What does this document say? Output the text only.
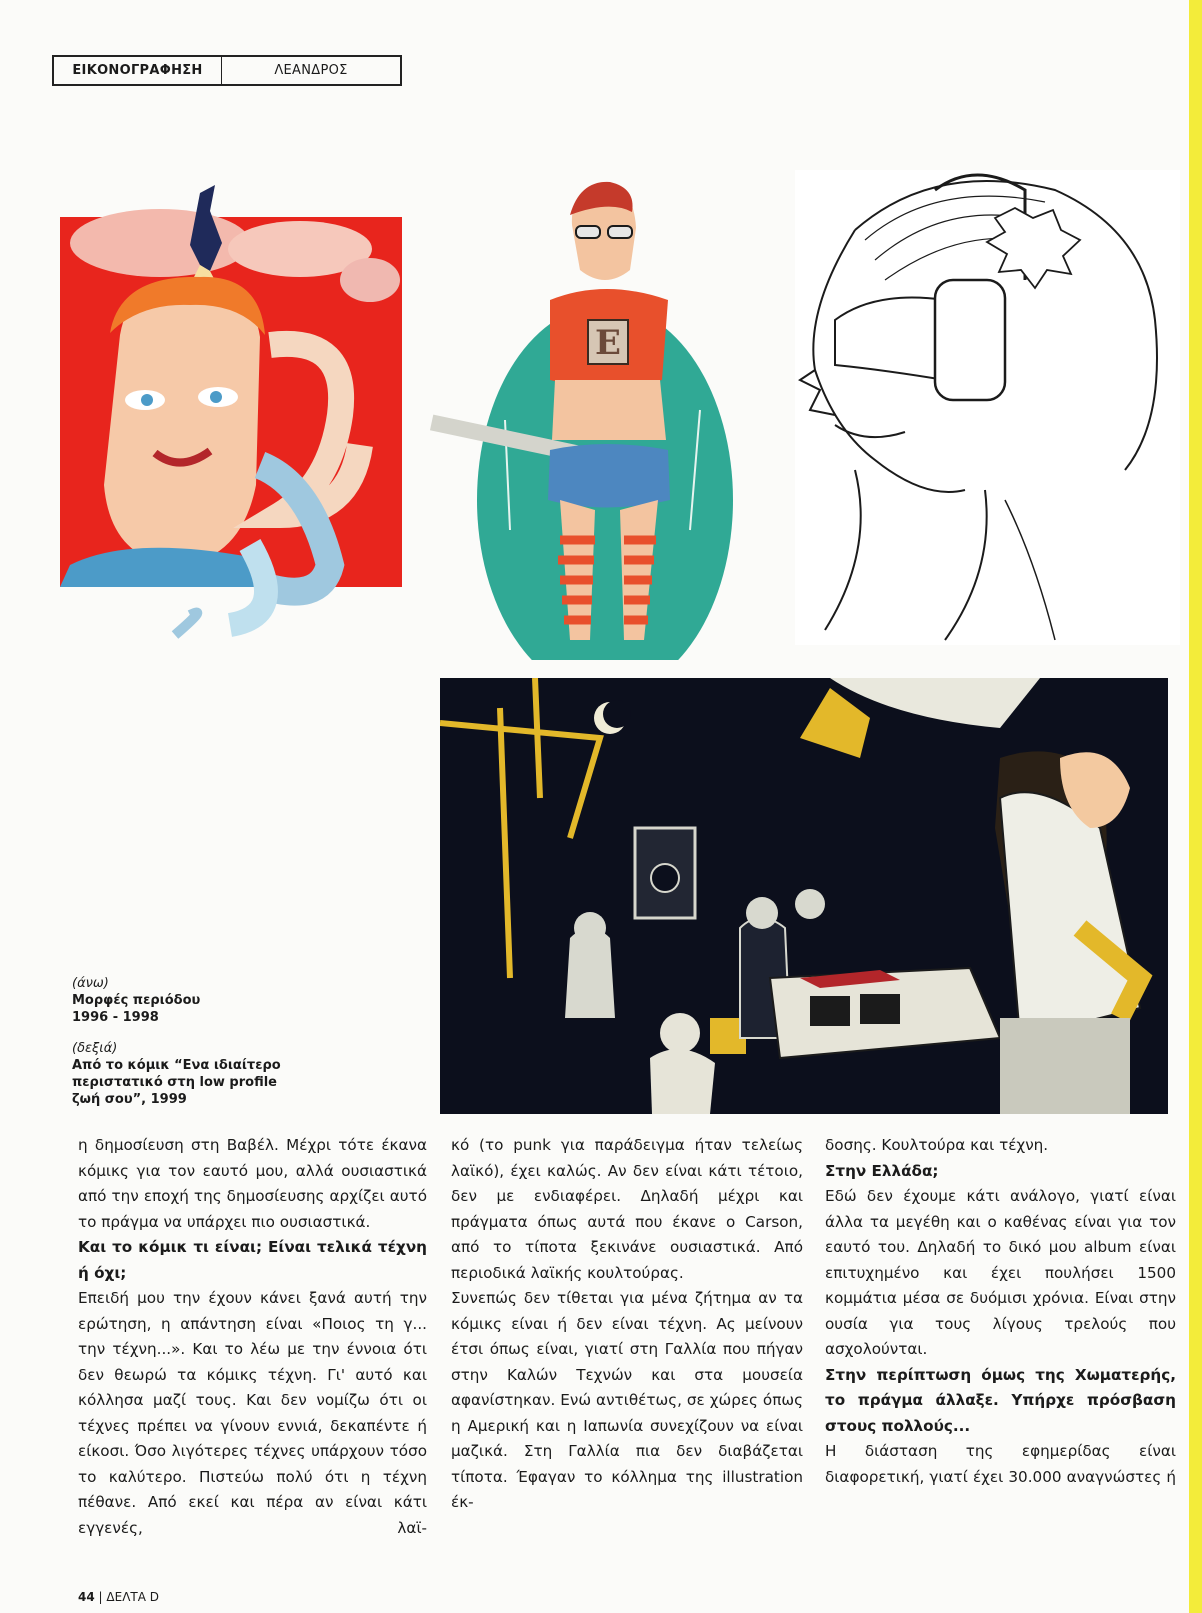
ΕΙΚΟΝΟΓΡΑΦΗΣΗ	ΛΕΑΝΔΡΟΣ
E
(άνω)
Μορφές περιόδου 1996 - 1998
(δεξιά)
Από το κόμικ “Ενα ιδιαίτερο περιστατικό στη low profile ζωή σου”, 1999

η δημοσίευση στη Βαβέλ. Μέχρι τότε έκανα κόμικς για τον εαυτό μου, αλλά ουσιαστικά από την εποχή της δημοσίευσης αρχίζει αυτό το πράγμα να υπάρχει πιο ουσιαστικά.

Και το κόμικ τι είναι; Είναι τελικά τέχνη ή όχι;

Επειδή μου την έχουν κάνει ξανά αυτή την ερώτηση, η απάντηση είναι «Ποιος τη γ... την τέχνη...». Και το λέω με την έννοια ότι δεν θεωρώ τα κόμικς τέχνη. Γι' αυτό και κόλλησα μαζί τους. Και δεν νομίζω ότι οι τέχνες πρέπει να γίνουν εννιά, δεκαπέντε ή είκοσι. Όσο λιγότερες τέχνες υπάρχουν τόσο το καλύτερο. Πιστεύω πολύ ότι η τέχνη πέθανε. Από εκεί και πέρα αν είναι κάτι εγγενές, λαϊ-

κό (το punk για παράδειγμα ήταν τελείως λαϊκό), έχει καλώς. Αν δεν είναι κάτι τέτοιο, δεν με ενδιαφέρει. Δηλαδή μέχρι και πράγματα όπως αυτά που έκανε ο Carson, από το τίποτα ξεκινάνε ουσιαστικά. Από περιοδικά λαϊκής κουλτούρας.

Συνεπώς δεν τίθεται για μένα ζήτημα αν τα κόμικς είναι ή δεν είναι τέχνη. Ας μείνουν έτσι όπως είναι, γιατί στη Γαλλία που πήγαν στην Καλών Τεχνών και στα μουσεία αφανίστηκαν. Ενώ αντιθέτως, σε χώρες όπως η Αμερική και η Ιαπωνία συνεχίζουν να είναι μαζικά. Στη Γαλλία πια δεν διαβάζεται τίποτα. Έφαγαν το κόλλημα της illustration έκ-

δοσης. Κουλτούρα και τέχνη.

Στην Ελλάδα;

Εδώ δεν έχουμε κάτι ανάλογο, γιατί είναι άλλα τα μεγέθη και ο καθένας είναι για τον εαυτό του. Δηλαδή το δικό μου album είναι επιτυχημένο και έχει πουλήσει 1500 κομμάτια μέσα σε δυόμισι χρόνια. Είναι στην ουσία για τους λίγους τρελούς που ασχολούνται.

Στην περίπτωση όμως της Χωματερής, το πράγμα άλλαξε. Υπήρχε πρόσβαση στους πολλούς...

Η διάσταση της εφημερίδας είναι διαφορετική, γιατί έχει 30.000 αναγνώστες ή

44 | ΔΕΛΤΑ D
